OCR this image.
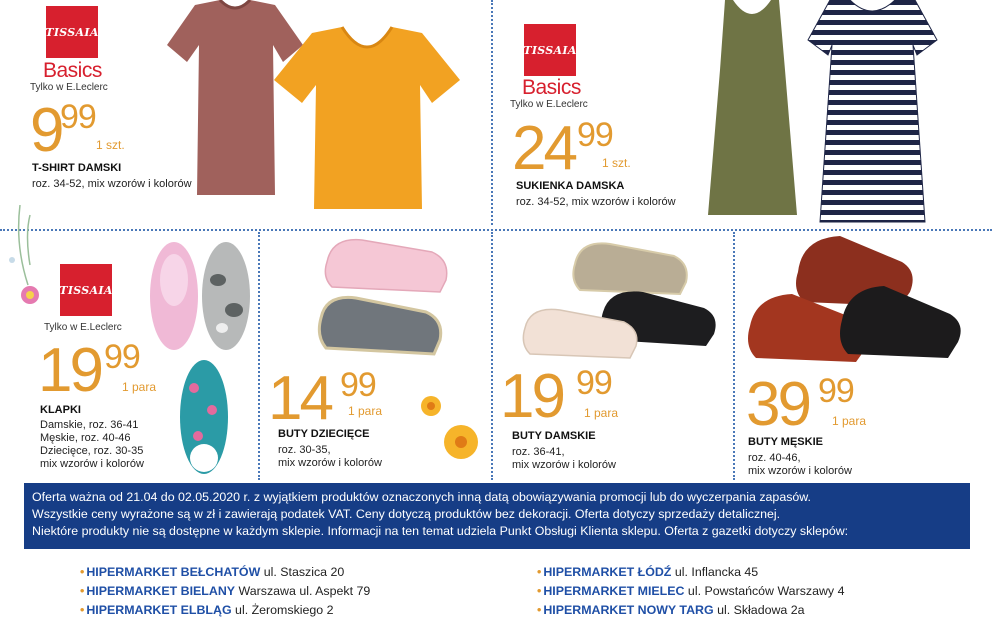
TISSAIA
Basics
Tylko w E.Leclerc
9
99
1 szt.
T-SHIRT DAMSKI
roz. 34-52, mix wzorów i kolorów
TISSAIA
Basics
Tylko w E.Leclerc
24 99
1 szt.
SUKIENKA DAMSKA
roz. 34-52, mix wzorów i kolorów
TISSAIA
Tylko w E.Leclerc
19 99
1 para
KLAPKI
Damskie, roz. 36-41
Męskie, roz. 40-46
Dziecięce, roz. 30-35
mix wzorów i kolorów
14 99
1 para
BUTY DZIECIĘCE
roz. 30-35,
mix wzorów i kolorów
19 99
1 para
BUTY DAMSKIE
roz. 36-41,
mix wzorów i kolorów
39 99
1 para
BUTY MĘSKIE
roz. 40-46,
mix wzorów i kolorów

Oferta ważna od 21.04 do 02.05.2020 r. z wyjątkiem produktów oznaczonych inną datą obowiązywania promocji lub do wyczerpania zapasów.

Wszystkie ceny wyrażone są w zł i zawierają podatek VAT. Ceny dotyczą produktów bez dekoracji. Oferta dotyczy sprzedaży detalicznej.

Niektóre produkty nie są dostępne w każdym sklepie. Informacji na ten temat udziela Punkt Obsługi Klienta sklepu. Oferta z gazetki dotyczy sklepów:

• HIPERMARKET BEŁCHATÓW ul. Staszica 20
• HIPERMARKET BIELANY Warszawa ul. Aspekt 79
• HIPERMARKET ELBLĄG ul. Żeromskiego 2
• HIPERMARKET ŁÓDŹ ul. Inflancka 45
• HIPERMARKET MIELEC ul. Powstańców Warszawy 4
• HIPERMARKET NOWY TARG ul. Składowa 2a
